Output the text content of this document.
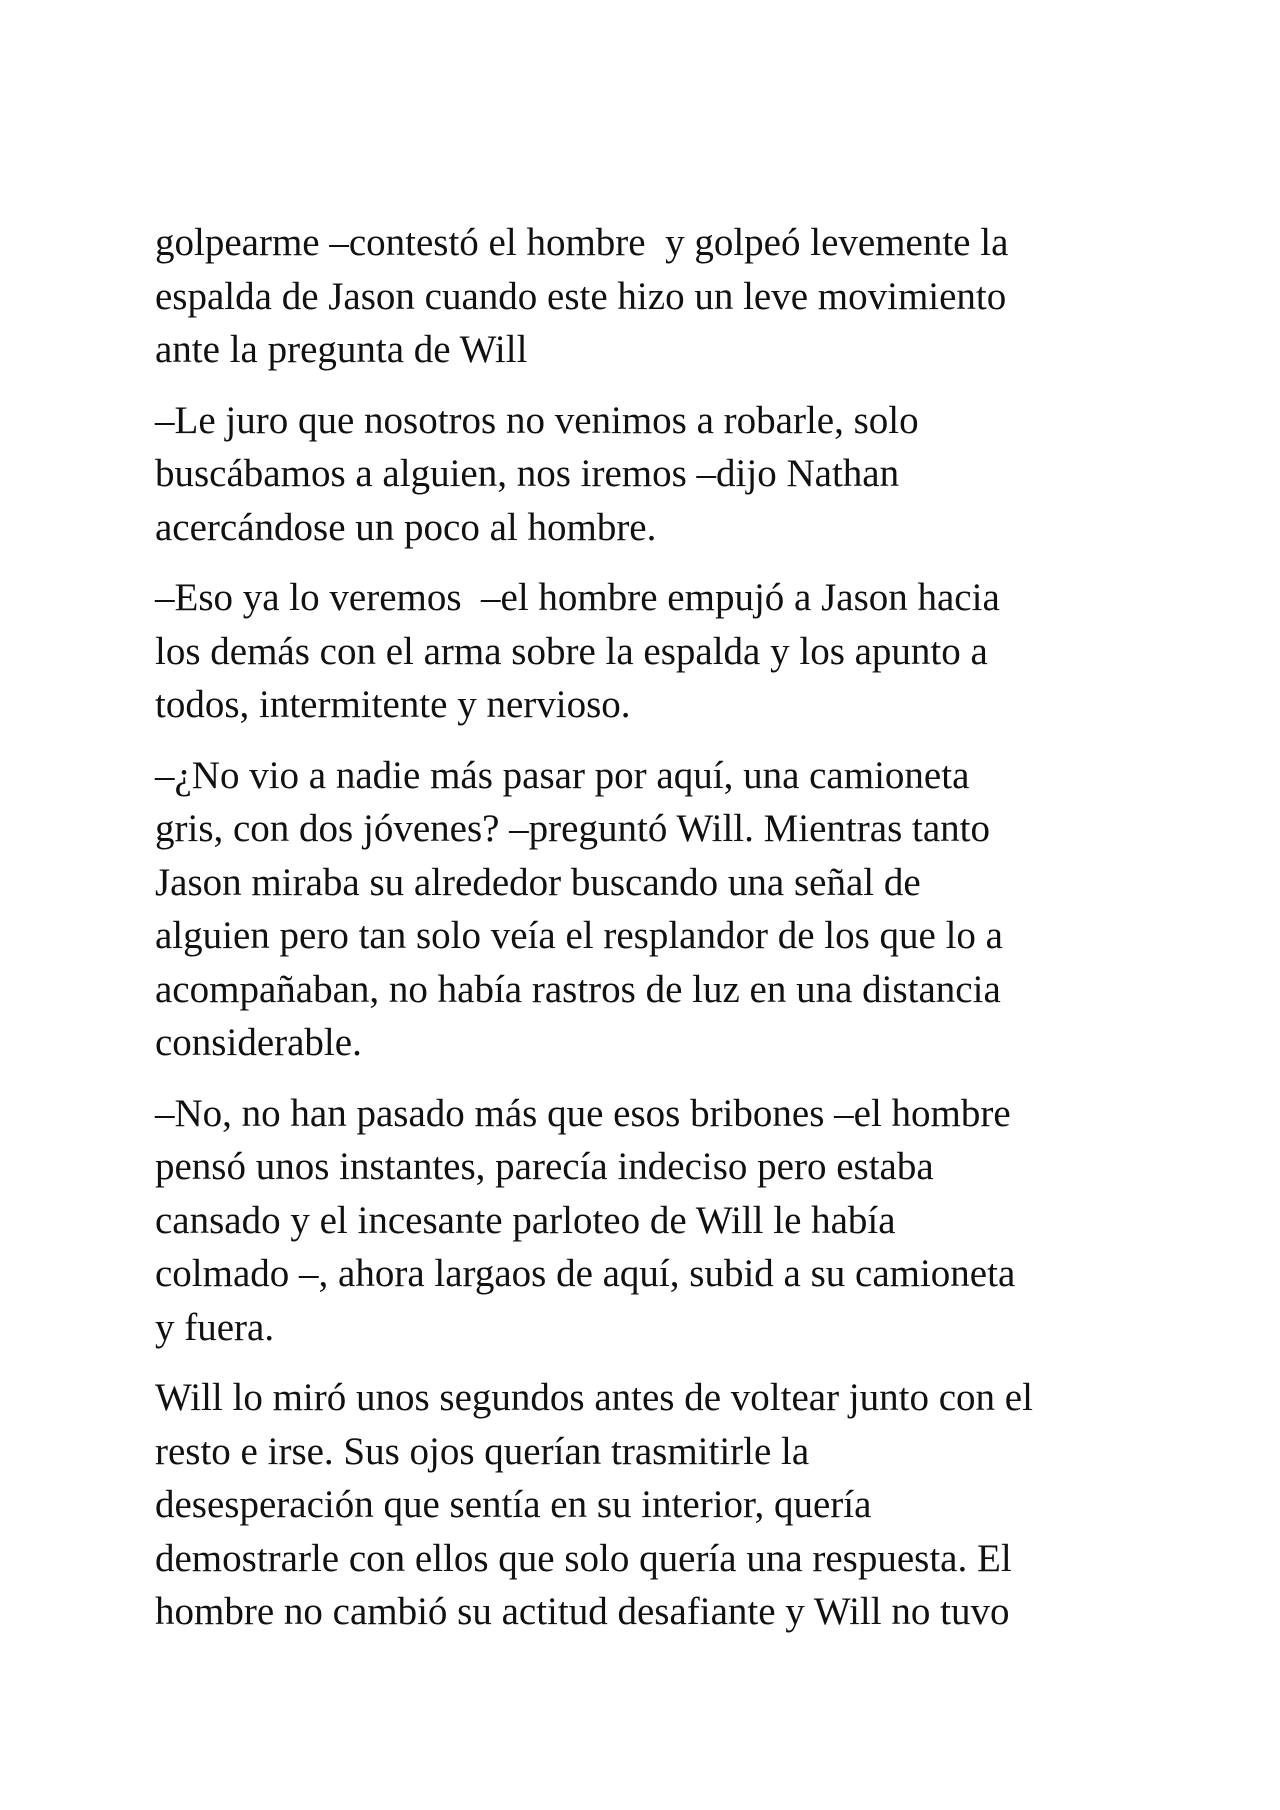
golpearme –contestó el hombre  y golpeó levemente la
espalda de Jason cuando este hizo un leve movimiento
ante la pregunta de Will
–Le juro que nosotros no venimos a robarle, solo
buscábamos a alguien, nos iremos –dijo Nathan
acercándose un poco al hombre.
–Eso ya lo veremos  –el hombre empujó a Jason hacia
los demás con el arma sobre la espalda y los apunto a
todos, intermitente y nervioso.
–¿No vio a nadie más pasar por aquí, una camioneta
gris, con dos jóvenes? –preguntó Will. Mientras tanto
Jason miraba su alrededor buscando una señal de
alguien pero tan solo veía el resplandor de los que lo a
acompañaban, no había rastros de luz en una distancia
considerable.
–No, no han pasado más que esos bribones –el hombre
pensó unos instantes, parecía indeciso pero estaba
cansado y el incesante parloteo de Will le había
colmado –, ahora largaos de aquí, subid a su camioneta
y fuera.
Will lo miró unos segundos antes de voltear junto con el
resto e irse. Sus ojos querían trasmitirle la
desesperación que sentía en su interior, quería
demostrarle con ellos que solo quería una respuesta. El
hombre no cambió su actitud desafiante y Will no tuvo
